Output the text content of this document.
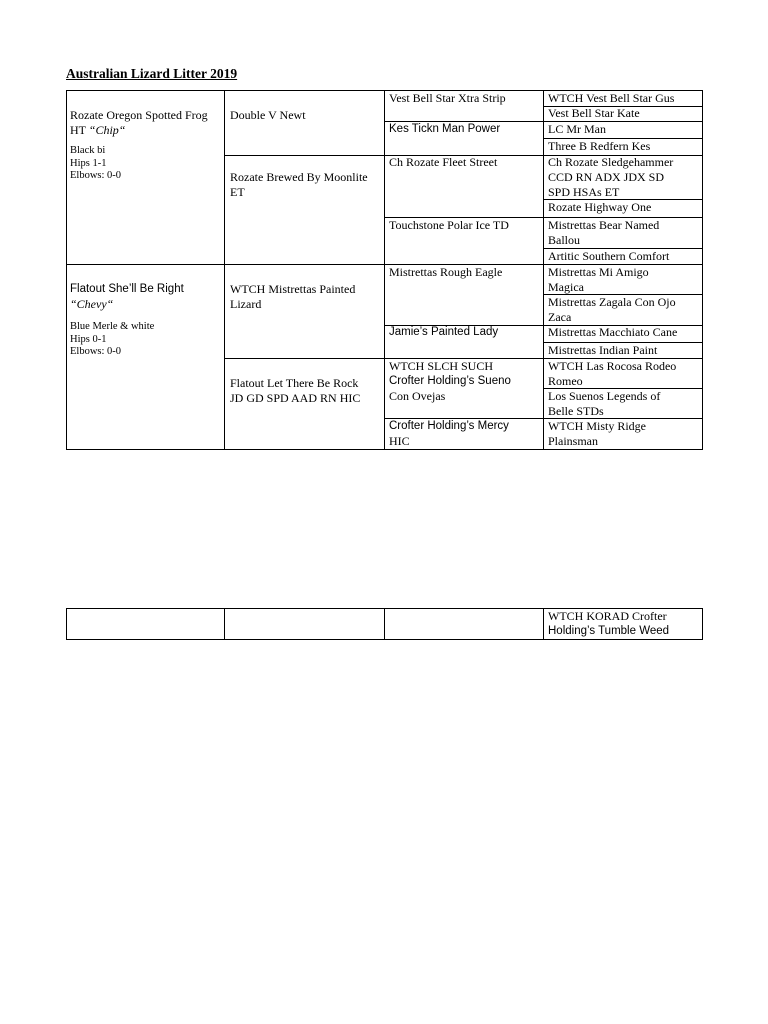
Australian Lizard Litter 2019
Rozate Oregon Spotted Frog
HT “Chip“
Black bi
Hips 1-1
Elbows: 0-0
Flatout She’ll Be Right
“Chevy“
Blue Merle & white
Hips 0-1
Elbows: 0-0
Double V Newt
Rozate Brewed By Moonlite
ET
WTCH Mistrettas Painted
Lizard
Flatout Let There Be Rock
JD GD SPD AAD RN HIC
Vest Bell Star Xtra Strip
Kes Tickn Man Power
Ch Rozate Fleet Street
Touchstone Polar Ice TD
Mistrettas Rough Eagle
Jamie’s Painted Lady
WTCH SLCH SUCH
Crofter Holding’s Sueno
Con Ovejas
Crofter Holding’s Mercy
HIC
WTCH Vest Bell Star Gus
Vest Bell Star Kate
LC Mr Man
Three B Redfern Kes
Ch Rozate Sledgehammer
CCD RN ADX JDX SD
SPD HSAs ET
Rozate Highway One
Mistrettas Bear Named
Ballou
Artitic Southern Comfort
Mistrettas Mi Amigo
Magica
Mistrettas Zagala Con Ojo
Zaca
Mistrettas Macchiato Cane
Mistrettas Indian Paint
WTCH Las Rocosa Rodeo
Romeo
Los Suenos Legends of
Belle STDs
WTCH Misty Ridge
Plainsman
WTCH KORAD Crofter
Holding’s Tumble Weed
